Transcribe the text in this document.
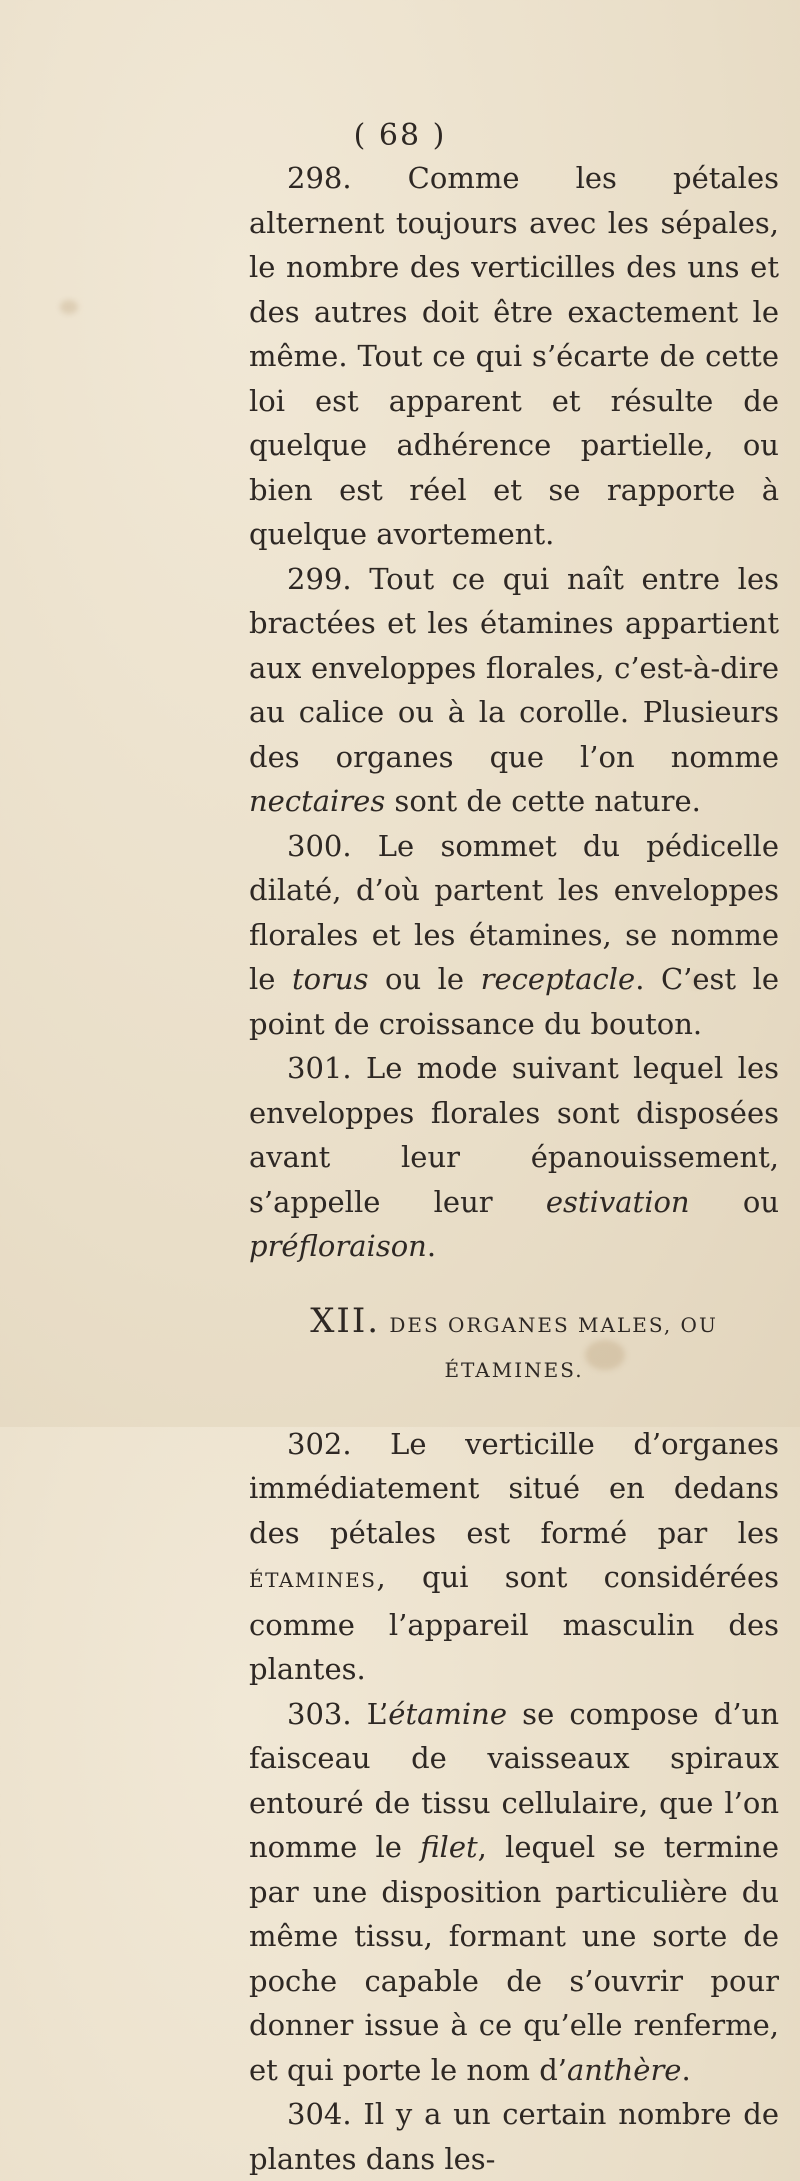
( 68 )

298. Comme les pétales alternent toujours avec les sépales, le nombre des verticilles des uns et des autres doit être exactement le même. Tout ce qui s’écarte de cette loi est apparent et résulte de quelque adhérence partielle, ou bien est réel et se rapporte à quelque avortement.

299. Tout ce qui naît entre les bractées et les étamines appartient aux enveloppes florales, c’est-à-dire au calice ou à la corolle. Plusieurs des organes que l’on nomme nectaires sont de cette nature.

300. Le sommet du pédicelle dilaté, d’où partent les enveloppes florales et les étamines, se nomme le torus ou le receptacle. C’est le point de croissance du bouton.

301. Le mode suivant lequel les enveloppes florales sont disposées avant leur épanouissement, s’appelle leur estivation ou préfloraison.

XII. DES ORGANES MALES, OU ÉTAMINES.

302. Le verticille d’organes immédiatement situé en dedans des pétales est formé par les ÉTAMINES, qui sont considérées comme l’appareil masculin des plantes.

303. L’étamine se compose d’un faisceau de vaisseaux spiraux entouré de tissu cellulaire, que l’on nomme le filet, lequel se termine par une disposition particulière du même tissu, formant une sorte de poche capable de s’ouvrir pour donner issue à ce qu’elle renferme, et qui porte le nom d’anthère.

304. Il y a un certain nombre de plantes dans les-
